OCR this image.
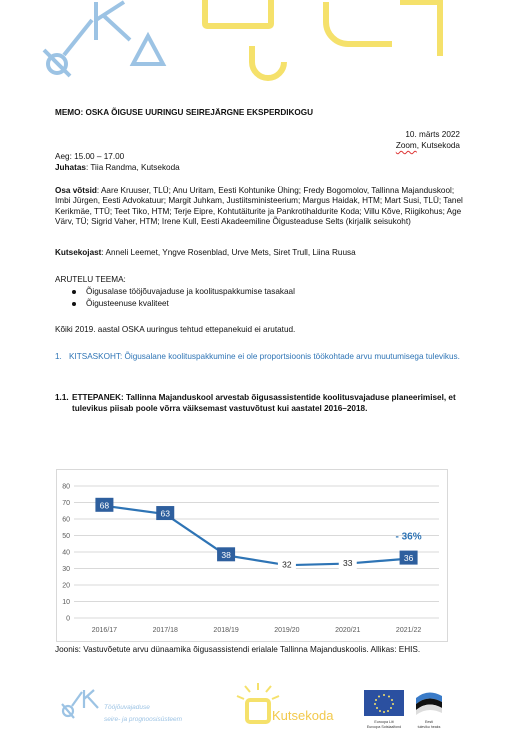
MEMO: OSKA ÕIGUSE UURINGU SEIREJÄRGNE EKSPERDIKOGU

10. märts 2022

Zoom, Kutsekoda

Aeg: 15.00 – 17.00

Juhatas: Tiia Randma, Kutsekoda

Osa võtsid: Aare Kruuser, TLÜ; Anu Uritam, Eesti Kohtunike Ühing; Fredy Bogomolov, Tallinna Majanduskool; Imbi Jürgen, Eesti Advokatuur; Margit Juhkam, Justiitsministeerium; Margus Haidak, HTM; Mart Susi, TLÜ; Tanel Kerikmäe, TTÜ; Teet Tiko, HTM; Terje Eipre, Kohtutäiturite ja Pankrotihaldurite Koda; Villu Kõve, Riigikohus; Age Värv, TÜ; Sigrid Vaher, HTM; Irene Kull, Eesti Akadeemiline Õigusteaduse Selts (kirjalik seisukoht)

Kutsekojast: Anneli Leemet, Yngve Rosenblad, Urve Mets, Siret Trull, Liina Ruusa

ARUTELU TEEMA:

Õigusalase tööjõuvajaduse ja koolituspakkumise tasakaal
Õigusteenuse kvaliteet

Kõiki 2019. aastal OSKA uuringus tehtud ettepanekuid ei arutatud.

1. KITSASKOHT: Õigusalane koolituspakkumine ei ole proportsioonis töökohtade arvu muutumisega tulevikus.
1.1. ETTEPANEK: Tallinna Majanduskool arvestab õigusassistentide koolitusvajaduse planeerimisel, et tulevikus piisab poole võrra väiksemast vastuvõtust kui aastatel 2016–2018.
0
10
20
30
40
50
60
70
80
2016/17	2017/18	2018/19	2019/20	2020/21	2021/22
68
63
38
32	33	36
- 36%

Joonis: Vastuvõetute arvu dünaamika õigusassistendi erialale Tallinna Majanduskoolis. Allikas: EHIS.

Tööjõuvajaduse
seire- ja prognoosisüsteem	Kutsekoda	Euroopa Liit
Euroopa Sotsiaalfond
Eesti
tuleviku heaks
